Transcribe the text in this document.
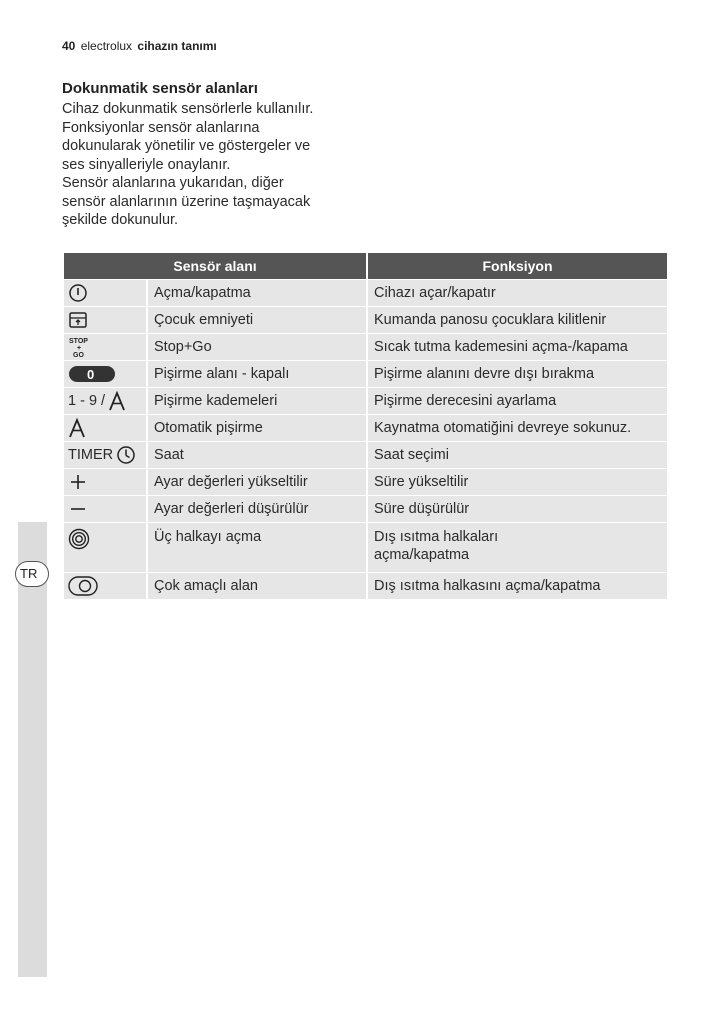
40 electrolux cihazın tanımı
Dokunmatik sensör alanları
Cihaz dokunmatik sensörlerle kullanılır.
Fonksiyonlar sensör alanlarına
dokunularak yönetilir ve göstergeler ve
ses sinyalleriyle onaylanır.
Sensör alanlarına yukarıdan, diğer
sensör alanlarının üzerine taşmayacak
şekilde dokunulur.
TR
Sensör alanı		Fonksiyon

	Açma/kapatma	Cihazı açar/kapatır

	Çocuk emniyeti	Kumanda panosu çocuklara kilitlenir

STOP
+
GO	Stop+Go	Sıcak tutma kademesini açma-/kapama

0	Pişirme alanı - kapalı	Pişirme alanını devre dışı bırakma

1 - 9 /	Pişirme kademeleri	Pişirme derecesini ayarlama

	Otomatik pişirme	Kaynatma otomatiğini devreye sokunuz.

TIMER	Saat	Saat seçimi

	Ayar değerleri yükseltilir	Süre yükseltilir

	Ayar değerleri düşürülür	Süre düşürülür

	Üç halkayı açma	Dış ısıtma halkaları
açma/kapatma

	Çok amaçlı alan	Dış ısıtma halkasını açma/kapatma
